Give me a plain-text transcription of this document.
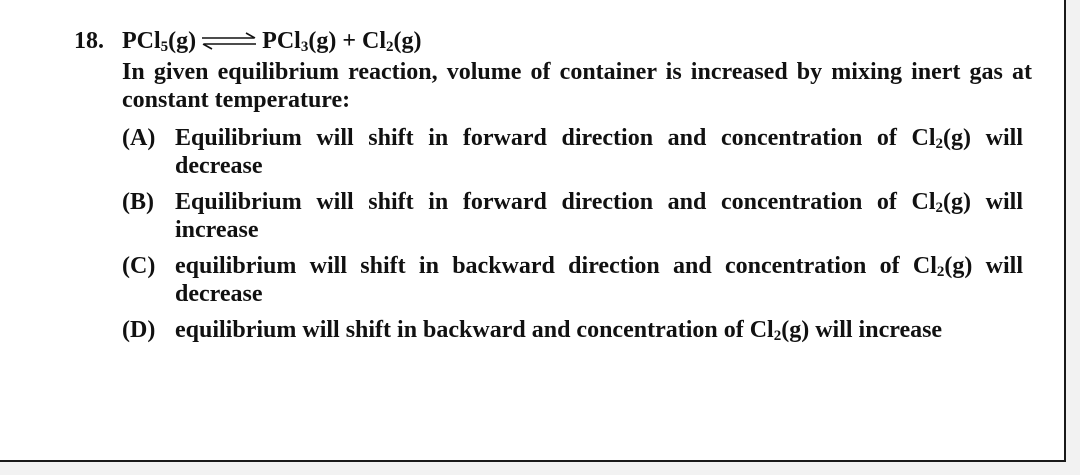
18. PCl$_5$(g) ⇌ $PCl_3(g) + Cl_2(g)$
In given equilibrium reaction, volume of container is increased by mixing inert gas at constant temperature:
(A) Equilibrium will shift in forward direction and concentration of $Cl_2(g)$ will decrease
(B) Equilibrium will shift in forward direction and concentration of $Cl_2(g)$ will increase
(C) equilibrium will shift in backward direction and concentration of $Cl_2(g)$ will decrease
(D) equilibrium will shift in backward and concentration of $Cl_2(g)$ will increase
